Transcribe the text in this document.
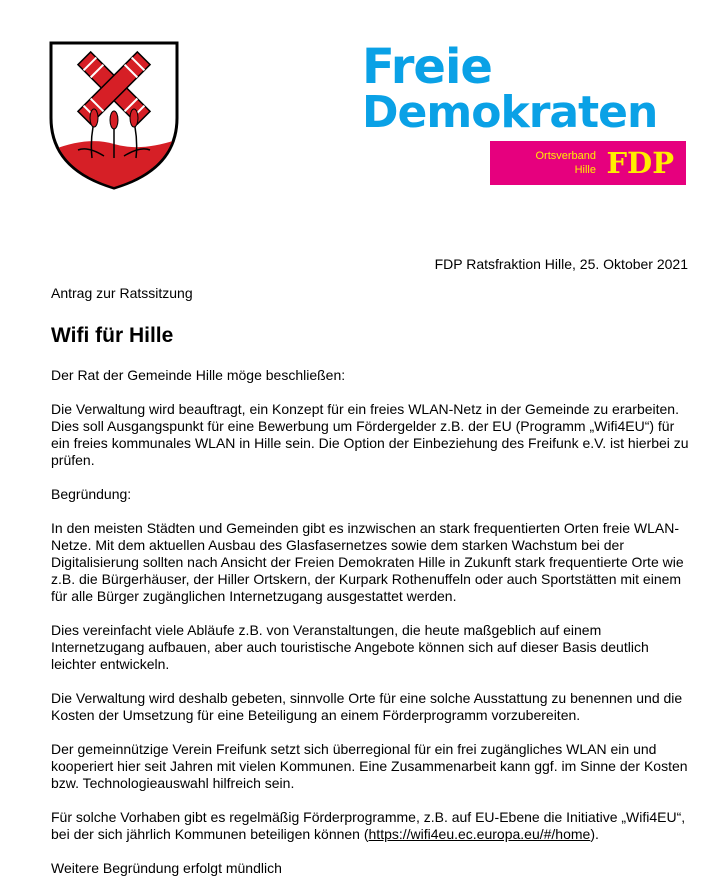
Freie
Demokraten
Ortsverband
Hille FDP
FDP Ratsfraktion Hille, 25. Oktober 2021

Antrag zur Ratssitzung

Wifi für Hille

Der Rat der Gemeinde Hille möge beschließen:

Die Verwaltung wird beauftragt, ein Konzept für ein freies WLAN-Netz in der Gemeinde zu erarbeiten. Dies soll Ausgangspunkt für eine Bewerbung um Fördergelder z.B. der EU (Programm „Wifi4EU“) für ein freies kommunales WLAN in Hille sein. Die Option der Einbeziehung des Freifunk e.V. ist hierbei zu prüfen.

Begründung:

In den meisten Städten und Gemeinden gibt es inzwischen an stark frequentierten Orten freie WLAN-Netze. Mit dem aktuellen Ausbau des Glasfasernetzes sowie dem starken Wachstum bei der Digitalisierung sollten nach Ansicht der Freien Demokraten Hille in Zukunft stark frequentierte Orte wie z.B. die Bürgerhäuser, der Hiller Ortskern, der Kurpark Rothenuffeln oder auch Sportstätten mit einem für alle Bürger zugänglichen Internetzugang ausgestattet werden.

Dies vereinfacht viele Abläufe z.B. von Veranstaltungen, die heute maßgeblich auf einem Internetzugang aufbauen, aber auch touristische Angebote können sich auf dieser Basis deutlich leichter entwickeln.

Die Verwaltung wird deshalb gebeten, sinnvolle Orte für eine solche Ausstattung zu benennen und die Kosten der Umsetzung für eine Beteiligung an einem Förderprogramm vorzubereiten.

Der gemeinnützige Verein Freifunk setzt sich überregional für ein frei zugängliches WLAN ein und kooperiert hier seit Jahren mit vielen Kommunen. Eine Zusammenarbeit kann ggf. im Sinne der Kosten bzw. Technologieauswahl hilfreich sein.

Für solche Vorhaben gibt es regelmäßig Förderprogramme, z.B. auf EU-Ebene die Initiative „Wifi4EU“, bei der sich jährlich Kommunen beteiligen können (https://wifi4eu.ec.europa.eu/#/home).

Weitere Begründung erfolgt mündlich
